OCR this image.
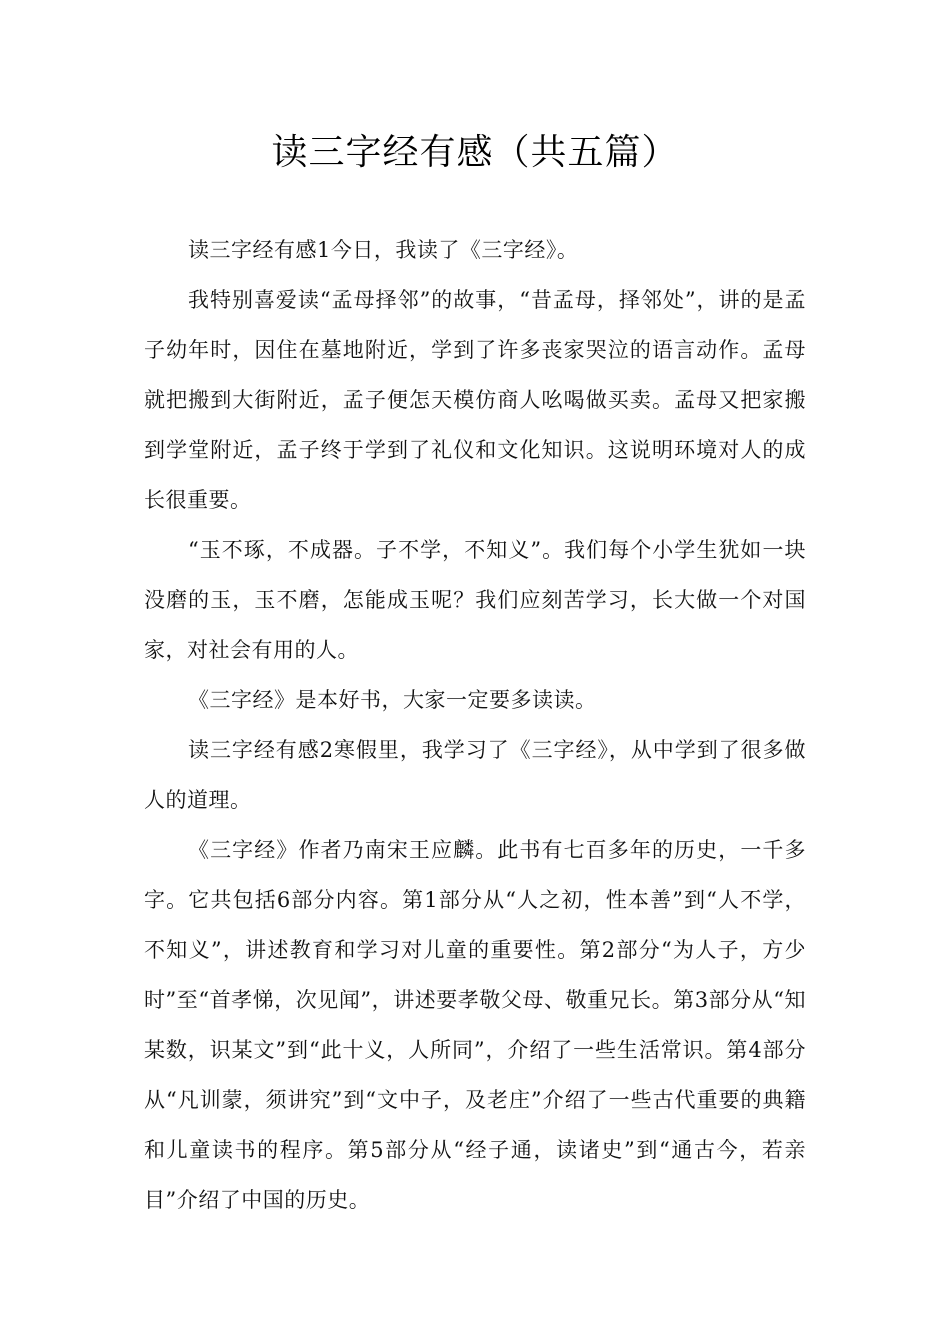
读三字经有感（共五篇）

读三字经有感1今日，我读了《三字经》。

我特别喜爱读“孟母择邻”的故事，“昔孟母，择邻处”，讲的是孟子幼年时，因住在墓地附近，学到了许多丧家哭泣的语言动作。孟母就把搬到大街附近，孟子便怎天模仿商人吆喝做买卖。孟母又把家搬到学堂附近，孟子终于学到了礼仪和文化知识。这说明环境对人的成长很重要。

“玉不琢，不成器。子不学，不知义”。我们每个小学生犹如一块没磨的玉，玉不磨，怎能成玉呢？我们应刻苦学习，长大做一个对国家，对社会有用的人。

《三字经》是本好书，大家一定要多读读。

读三字经有感2寒假里，我学习了《三字经》，从中学到了很多做人的道理。

《三字经》作者乃南宋王应麟。此书有七百多年的历史，一千多字。它共包括6部分内容。第1部分从“人之初，性本善”到“人不学，不知义”，讲述教育和学习对儿童的重要性。第2部分“为人子，方少时”至“首孝悌，次见闻”，讲述要孝敬父母、敬重兄长。第3部分从“知某数，识某文”到“此十义，人所同”，介绍了一些生活常识。第4部分从“凡训蒙，须讲究”到“文中子，及老庄”介绍了一些古代重要的典籍和儿童读书的程序。第5部分从“经子通，读诸史”到“通古今，若亲目”介绍了中国的历史。
